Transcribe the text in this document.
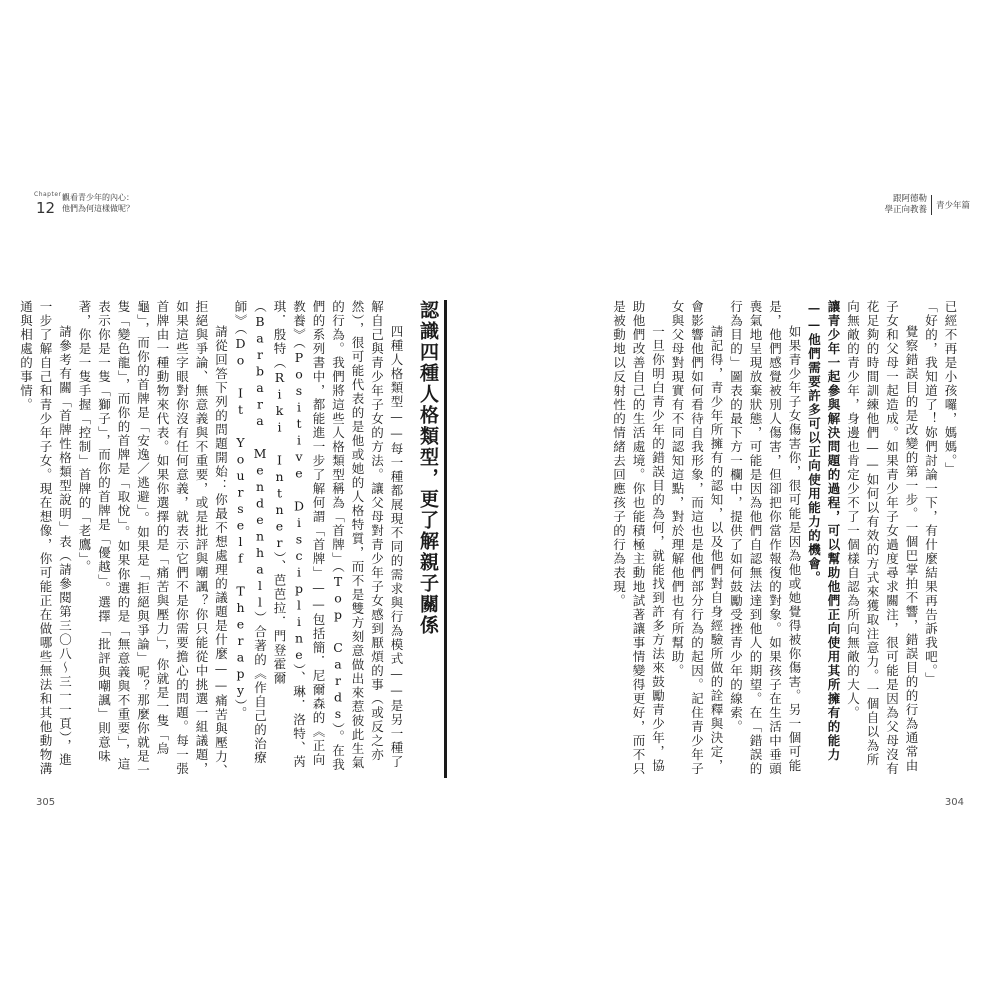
Chapter
12
觀看青少年的內心：
他們為何這樣做呢？
跟阿德勒
學正向教養 青少年篇

已經不再是小孩囉，媽媽。」

「好的，我知道了！妳們討論一下，有什麼結果再告訴我吧。」

覺察錯誤目的是改變的第一步。一個巴掌拍不響，錯誤目的的行為通常由子女和父母一起造成。如果青少年子女過度尋求關注，很可能是因為父母沒有花足夠的時間訓練他們——如何以有效的方式來獲取注意力。一個自以為所向無敵的青少年，身邊也肯定少不了一個樣自認為所向無敵的大人。

讓青少年一起參與解決問題的過程，可以幫助他們正向使用其所擁有的能力——他們需要許多可以正向使用能力的機會。

如果青少年子女傷害你，很可能是因為他或她覺得被你傷害。另一個可能是，他們感覺被別人傷害，但卻把你當作報復的對象。如果孩子在生活中垂頭喪氣地呈現放棄狀態，可能是因為他們自認無法達到他人的期望。在「錯誤的行為目的」圖表的最下方一欄中，提供了如何鼓勵受挫青少年的線索。

請記得，青少年所擁有的認知，以及他們對自身經驗所做的詮釋與決定，會影響他們如何看待自我形象，而這也是他們部分行為的起因。記住青少年子女與父母對現實有不同認知這點，對於理解他們也有所幫助。

一旦你明白青少年的錯誤目的為何，就能找到許多方法來鼓勵青少年，協助他們改善自己的生活處境。你也能積極主動地試著讓事情變得更好，而不只是被動地以反射性的情緒去回應孩子的行為表現。

認識四種人格類型，更了解親子關係

四種人格類型——每一種都展現不同的需求與行為模式——是另一種了解自己與青少年子女的方法。讓父母對青少年子女感到厭煩的事（或反之亦然），很可能代表的是他或她的人格特質，而不是雙方刻意做出來惹彼此生氣的行為。我們將這些人格類型稱為「首牌」（Top Cards）。在我們的系列書中，都能進一步了解何謂「首牌」——包括簡．尼爾森的《正向教養》（Positive Discipline）、琳．洛特、芮琪．殷特（Riki Intner）、芭芭拉．門登霍爾（Barbara Mendenhall）合著的《作自己的治療師》（Do It Yourself Therapy）。

請從回答下列的問題開始：你最不想處理的議題是什麼——痛苦與壓力、拒絕與爭論、無意義與不重要，或是批評與嘲諷？你只能從中挑選一組議題，如果這些字眼對你沒有任何意義，就表示它們不是你需要擔心的問題。每一張首牌由一種動物來代表。如果你選擇的是「痛苦與壓力」，你就是一隻「烏龜」，而你的首牌是「安逸／逃避」。如果是「拒絕與爭論」呢？那麼你就是一隻「變色龍」，而你的首牌是「取悅」。如果你選的是「無意義與不重要」，這表示你是一隻「獅子」，而你的首牌是「優越」。選擇「批評與嘲諷」則意味著，你是一隻手握「控制」首牌的「老鷹」。

請參考有關「首牌性格類型說明」表（請參閱第三〇八～三一一頁），進一步了解自己和青少年子女。現在想像，你可能正在做哪些無法和其他動物溝通與相處的事情。

305	304
